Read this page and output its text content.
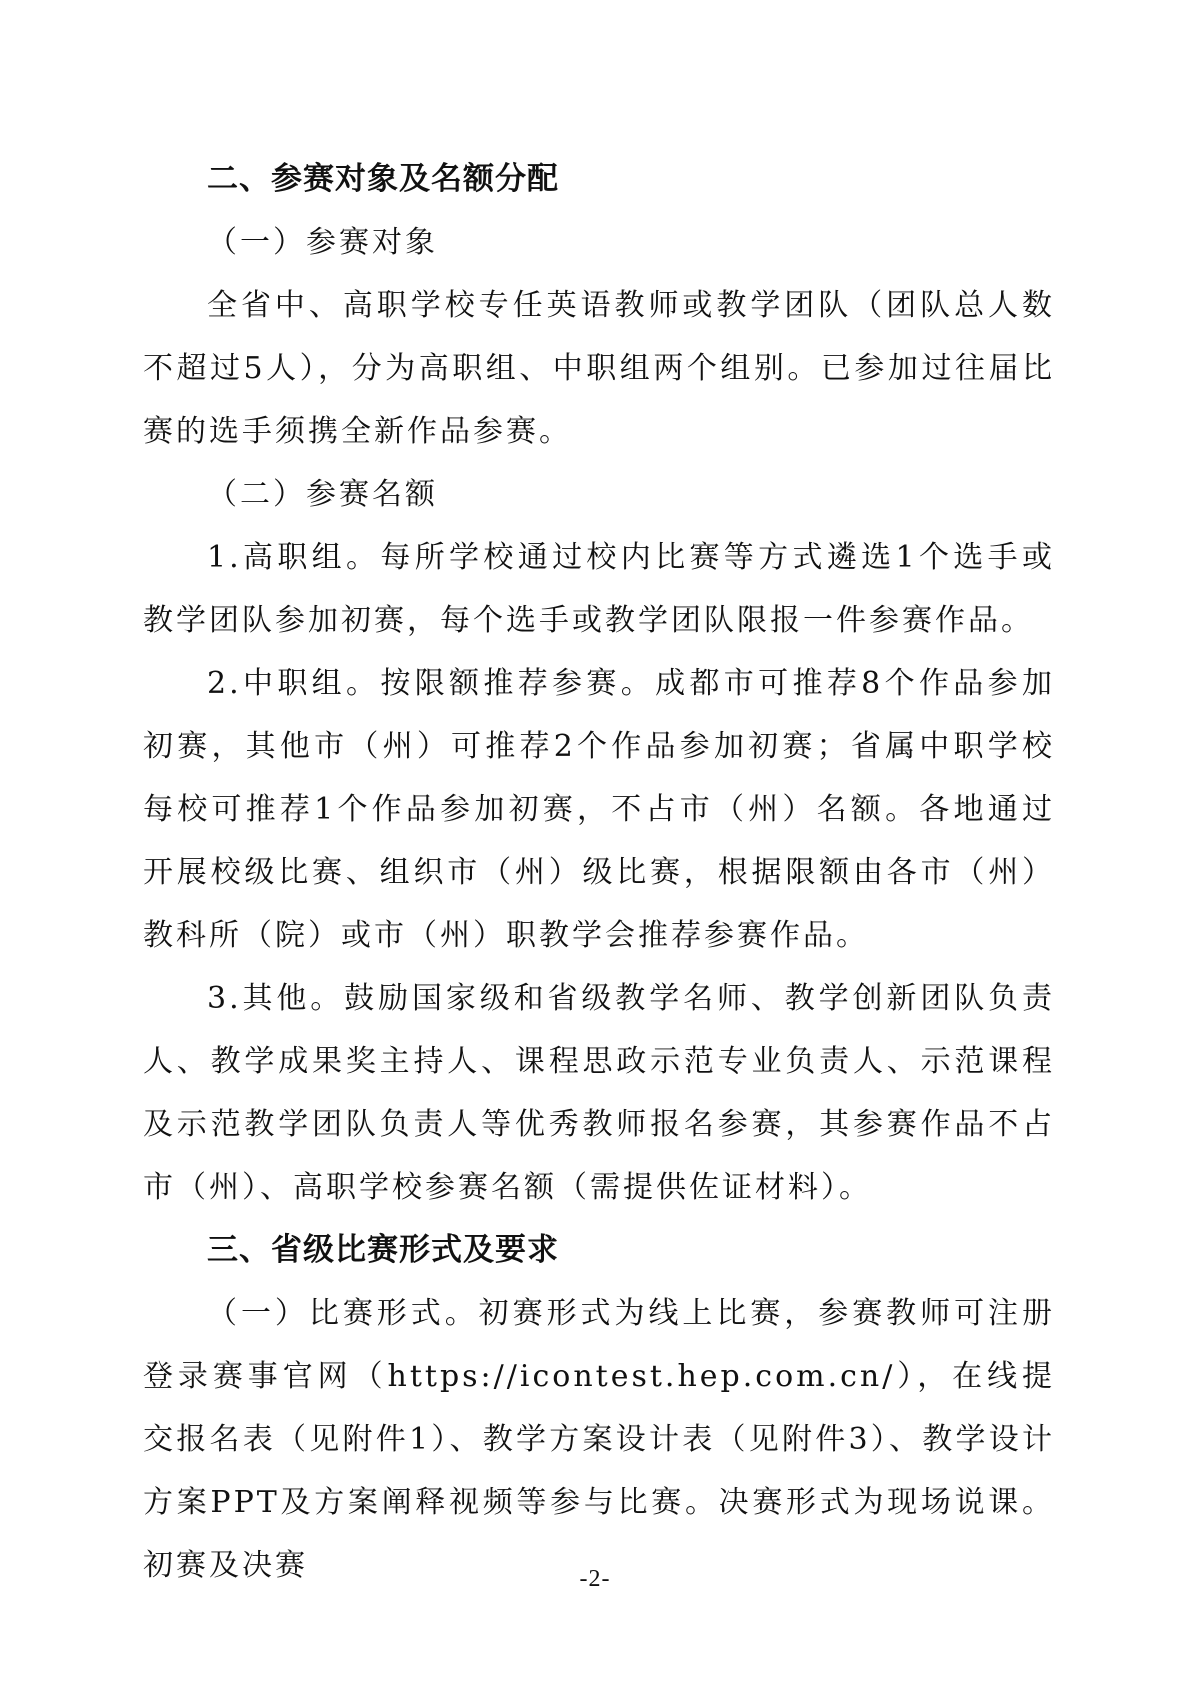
二、参赛对象及名额分配
（一）参赛对象

全省中、高职学校专任英语教师或教学团队（团队总人数不超过5人），分为高职组、中职组两个组别。已参加过往届比赛的选手须携全新作品参赛。

（二）参赛名额

1.高职组。每所学校通过校内比赛等方式遴选1个选手或教学团队参加初赛，每个选手或教学团队限报一件参赛作品。

2.中职组。按限额推荐参赛。成都市可推荐8个作品参加初赛，其他市（州）可推荐2个作品参加初赛；省属中职学校每校可推荐1个作品参加初赛，不占市（州）名额。各地通过开展校级比赛、组织市（州）级比赛，根据限额由各市（州）教科所（院）或市（州）职教学会推荐参赛作品。

3.其他。鼓励国家级和省级教学名师、教学创新团队负责人、教学成果奖主持人、课程思政示范专业负责人、示范课程及示范教学团队负责人等优秀教师报名参赛，其参赛作品不占市（州）、高职学校参赛名额（需提供佐证材料）。

三、省级比赛形式及要求

（一）比赛形式。初赛形式为线上比赛，参赛教师可注册登录赛事官网（https://icontest.hep.com.cn/），在线提交报名表（见附件1）、教学方案设计表（见附件3）、教学设计方案PPT及方案阐释视频等参与比赛。决赛形式为现场说课。初赛及决赛	-2-
